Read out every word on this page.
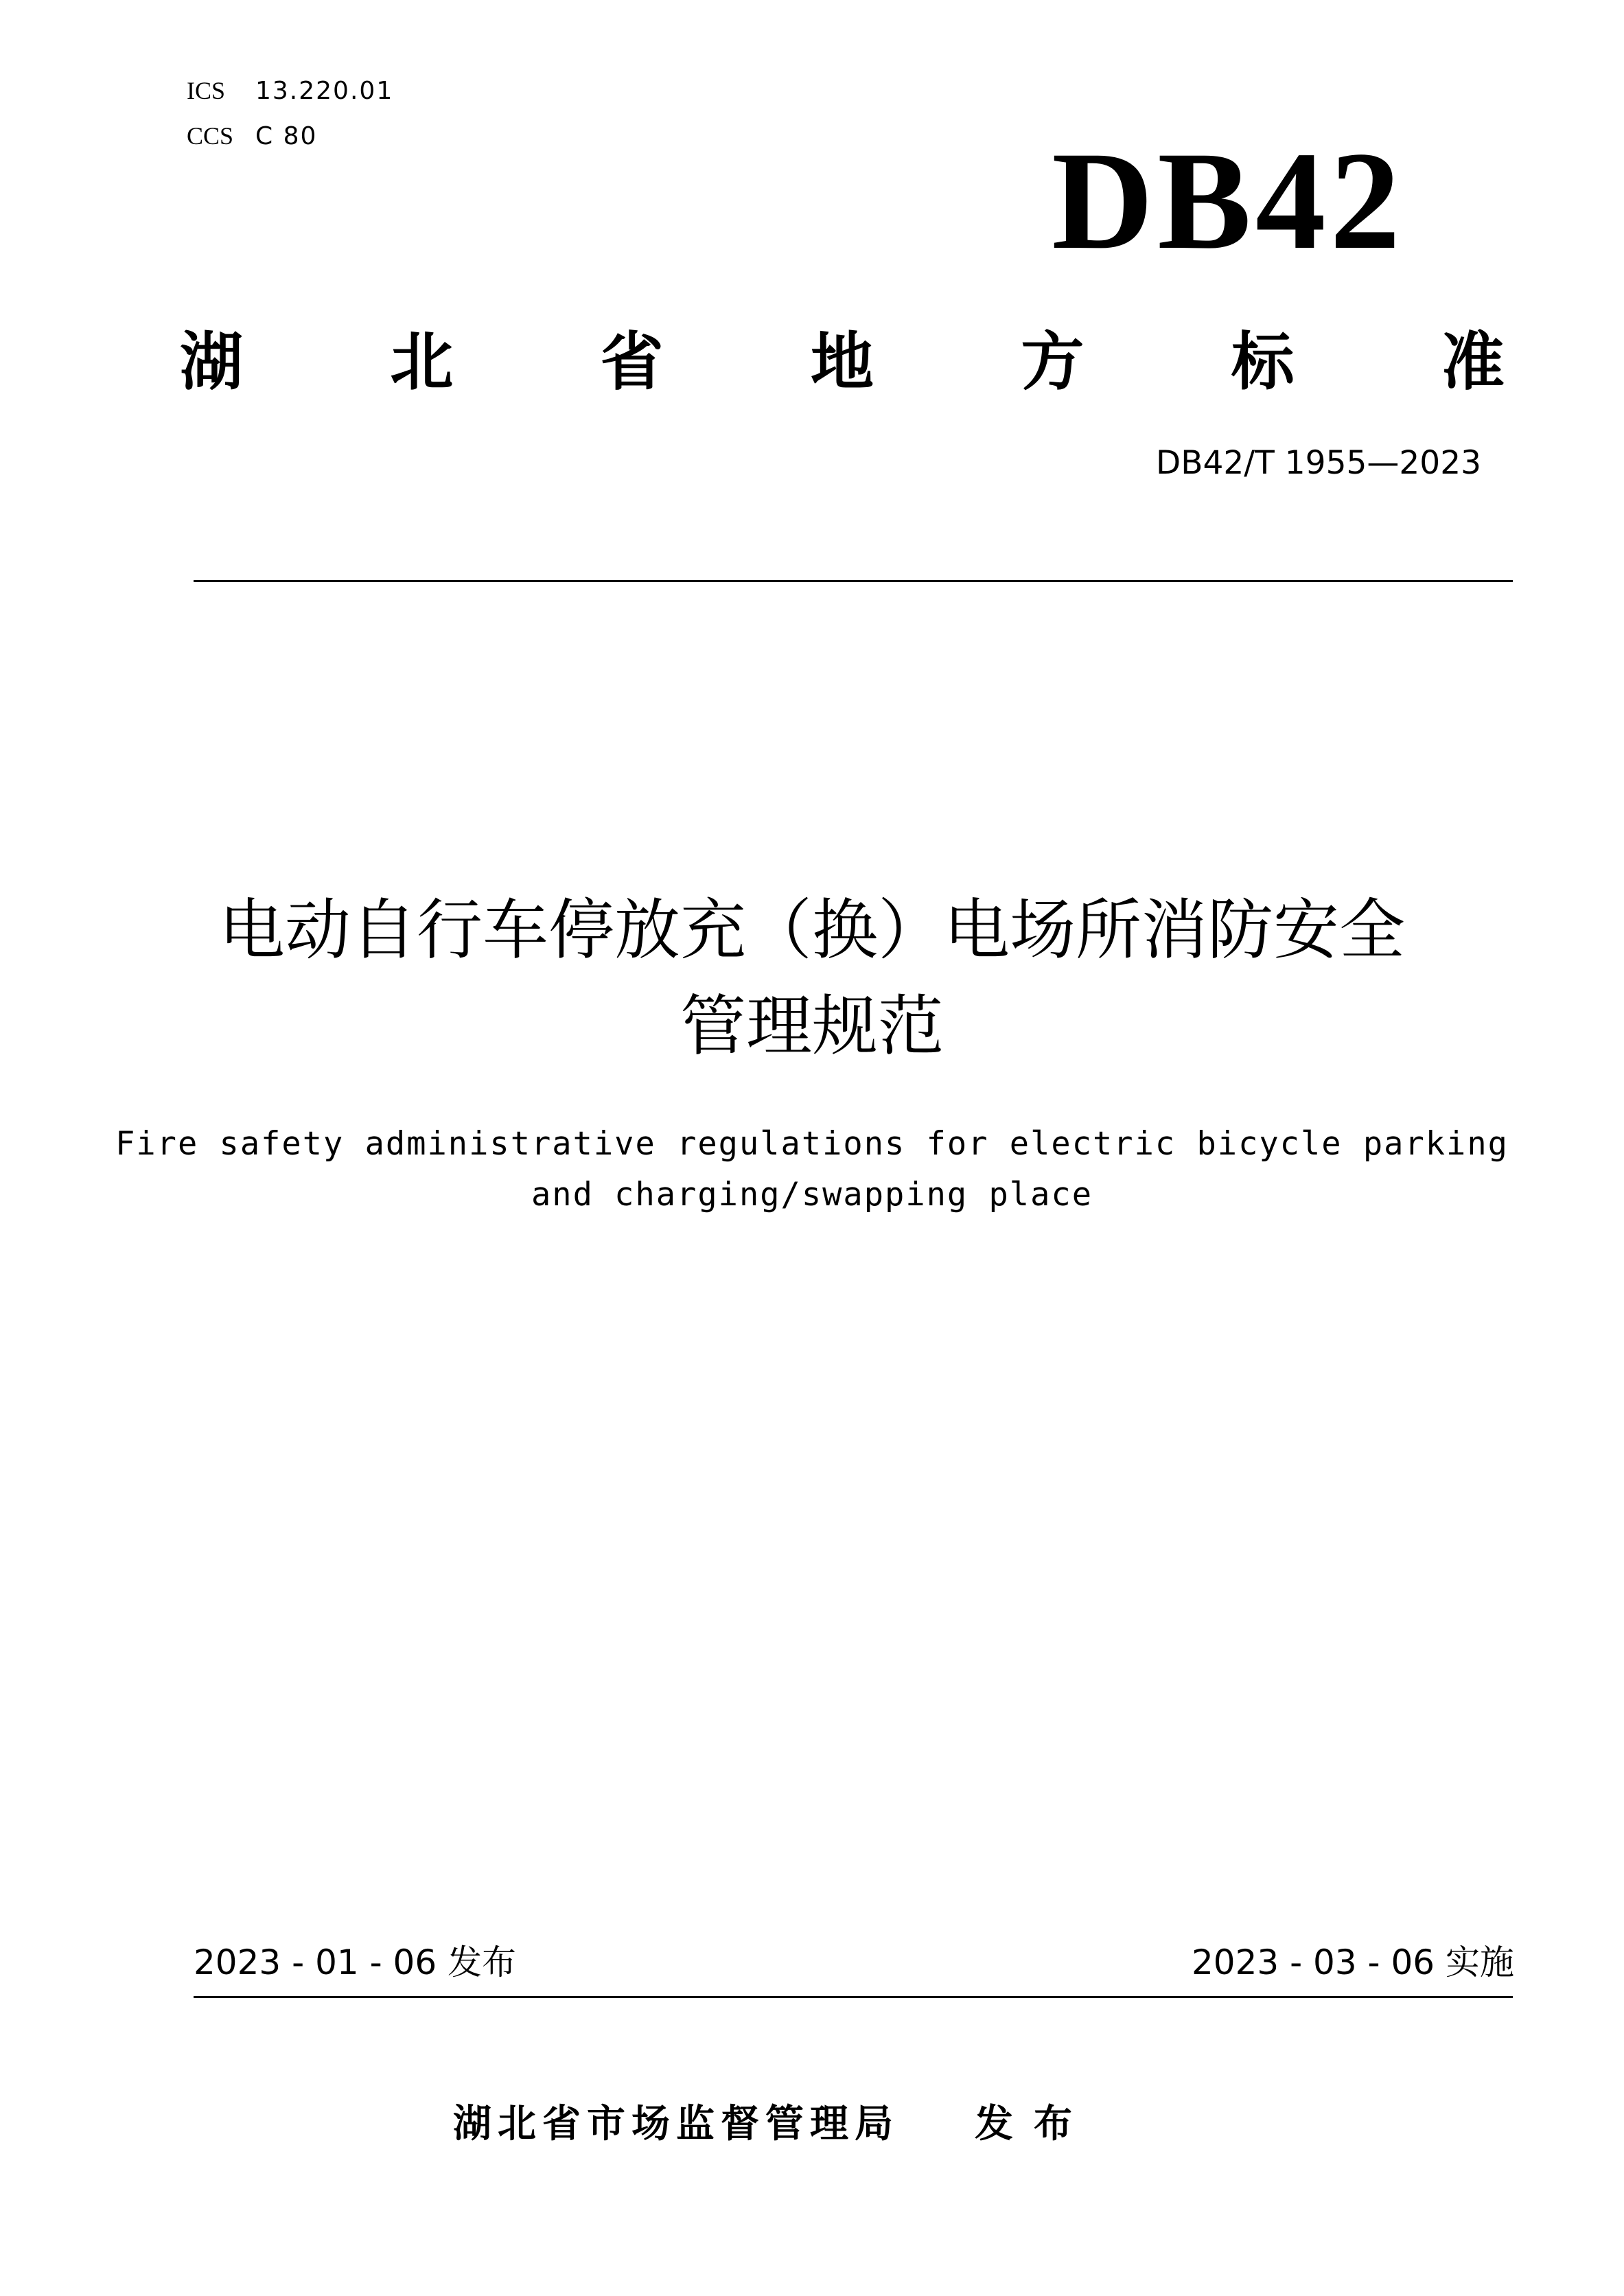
ICS 13.220.01
CCS C 80	DB42
湖 北 省 地 方 标 准
DB42/T 1955—2023
电动自行车停放充（换）电场所消防安全
管理规范
Fire safety administrative regulations for electric bicycle parking
and charging/swapping place
2023 - 01 - 06 发布	2023 - 03 - 06 实施
湖北省市场监督管理局 发布
